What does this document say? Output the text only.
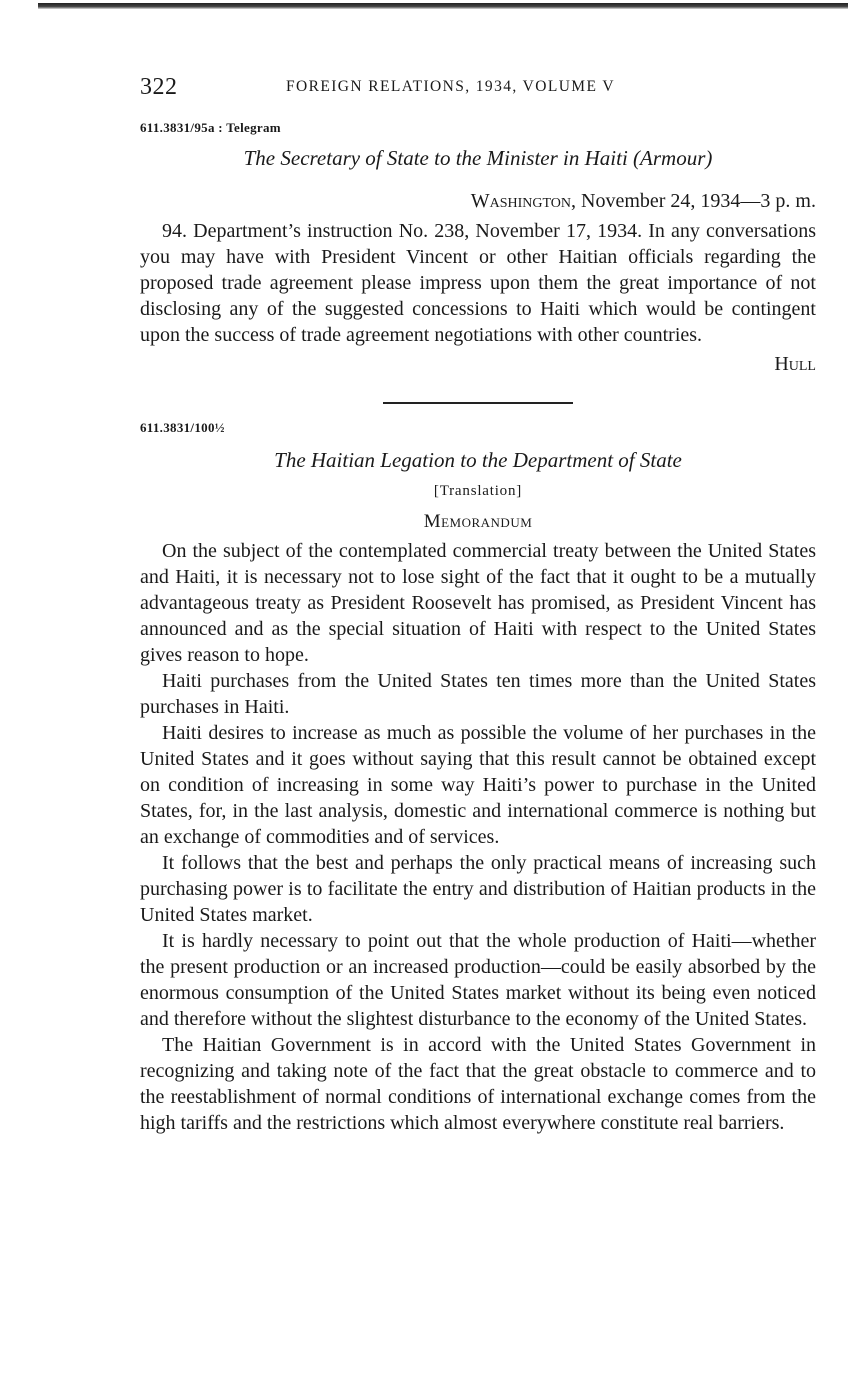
322	FOREIGN RELATIONS, 1934, VOLUME V

611.3831/95a : Telegram

The Secretary of State to the Minister in Haiti (Armour)

Washington, November 24, 1934—3 p. m.

94. Department’s instruction No. 238, November 17, 1934. In any conversations you may have with President Vincent or other Haitian officials regarding the proposed trade agreement please impress upon them the great importance of not disclosing any of the suggested concessions to Haiti which would be contingent upon the success of trade agreement negotiations with other countries.

Hull

611.3831/100½

The Haitian Legation to the Department of State

[Translation]

Memorandum

On the subject of the contemplated commercial treaty between the United States and Haiti, it is necessary not to lose sight of the fact that it ought to be a mutually advantageous treaty as President Roosevelt has promised, as President Vincent has announced and as the special situation of Haiti with respect to the United States gives reason to hope.

Haiti purchases from the United States ten times more than the United States purchases in Haiti.

Haiti desires to increase as much as possible the volume of her purchases in the United States and it goes without saying that this result cannot be obtained except on condition of increasing in some way Haiti’s power to purchase in the United States, for, in the last analysis, domestic and international commerce is nothing but an exchange of commodities and of services.

It follows that the best and perhaps the only practical means of increasing such purchasing power is to facilitate the entry and distribution of Haitian products in the United States market.

It is hardly necessary to point out that the whole production of Haiti—whether the present production or an increased production—could be easily absorbed by the enormous consumption of the United States market without its being even noticed and therefore without the slightest disturbance to the economy of the United States.

The Haitian Government is in accord with the United States Government in recognizing and taking note of the fact that the great obstacle to commerce and to the reestablishment of normal conditions of international exchange comes from the high tariffs and the restrictions which almost everywhere constitute real barriers.
